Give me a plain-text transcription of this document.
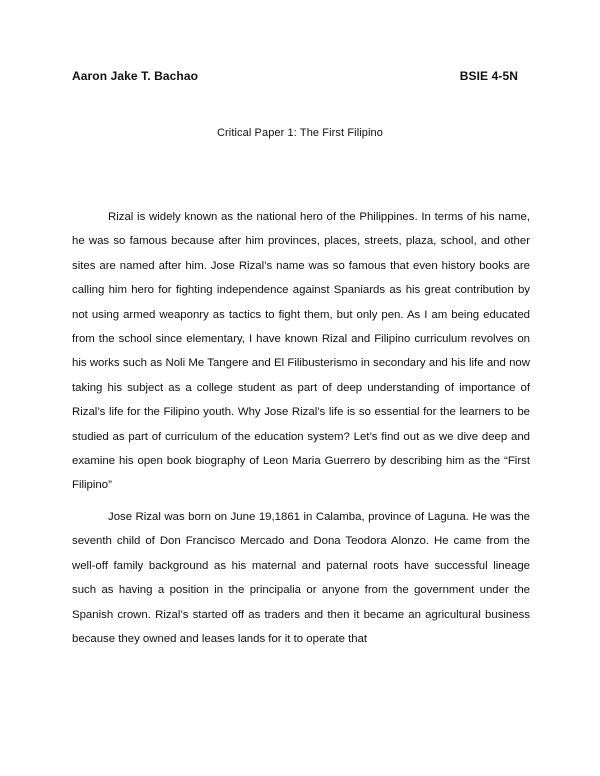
Aaron Jake T. Bachao	BSIE 4-5N
Critical Paper 1: The First Filipino

Rizal is widely known as the national hero of the Philippines. In terms of his name, he was so famous because after him provinces, places, streets, plaza, school, and other sites are named after him. Jose Rizal’s name was so famous that even history books are calling him hero for fighting independence against Spaniards as his great contribution by not using armed weaponry as tactics to fight them, but only pen. As I am being educated from the school since elementary, I have known Rizal and Filipino curriculum revolves on his works such as Noli Me Tangere and El Filibusterismo in secondary and his life and now taking his subject as a college student as part of deep understanding of importance of Rizal’s life for the Filipino youth. Why Jose Rizal’s life is so essential for the learners to be studied as part of curriculum of the education system? Let’s find out as we dive deep and examine his open book biography of Leon Maria Guerrero by describing him as the “First Filipino”

Jose Rizal was born on June 19,1861 in Calamba, province of Laguna. He was the seventh child of Don Francisco Mercado and Dona Teodora Alonzo. He came from the well-off family background as his maternal and paternal roots have successful lineage such as having a position in the principalia or anyone from the government under the Spanish crown. Rizal’s started off as traders and then it became an agricultural business because they owned and leases lands for it to operate that
